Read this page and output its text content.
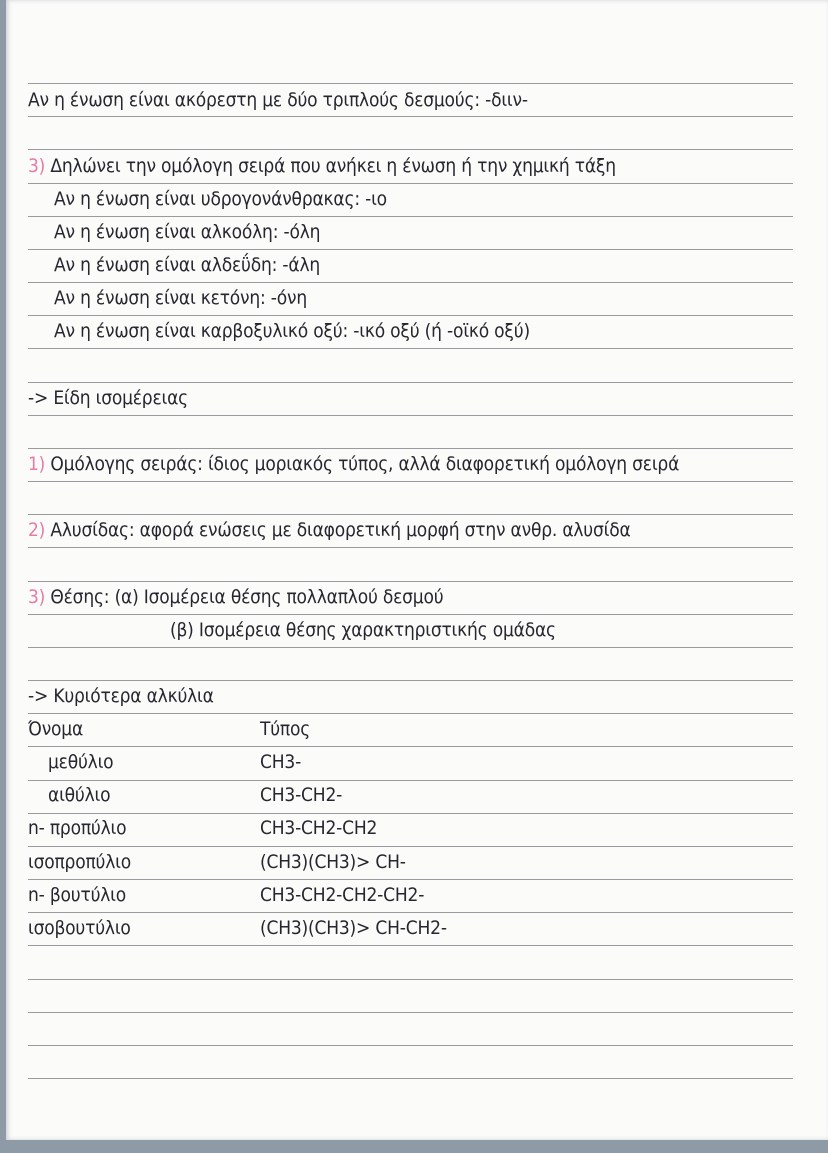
Αν η ένωση είναι ακόρεστη με δύο τριπλούς δεσμούς: -διιν-
3) Δηλώνει την ομόλογη σειρά που ανήκει η ένωση ή την χημική τάξη
Αν η ένωση είναι υδρογονάνθρακας: -ιο
Αν η ένωση είναι αλκοόλη: -όλη
Αν η ένωση είναι αλδεΰδη: -άλη
Αν η ένωση είναι κετόνη: -όνη
Αν η ένωση είναι καρβοξυλικό οξύ: -ικό οξύ (ή -οϊκό οξύ)
-> Είδη ισομέρειας
1) Ομόλογης σειράς: ίδιος μοριακός τύπος, αλλά διαφορετική ομόλογη σειρά
2) Αλυσίδας: αφορά ενώσεις με διαφορετική μορφή στην ανθρ. αλυσίδα
3) Θέσης: (α) Ισομέρεια θέσης πολλαπλού δεσμού
(β) Ισομέρεια θέσης χαρακτηριστικής ομάδας
-> Κυριότερα αλκύλια
Όνομα	Τύπος
μεθύλιο	CH3-
αιθύλιο	CH3-CH2-
n- προπύλιο	CH3-CH2-CH2
ισοπροπύλιο	(CH3)(CH3)> CH-
n- βουτύλιο	CH3-CH2-CH2-CH2-
ισοβουτύλιο	(CH3)(CH3)> CH-CH2-
